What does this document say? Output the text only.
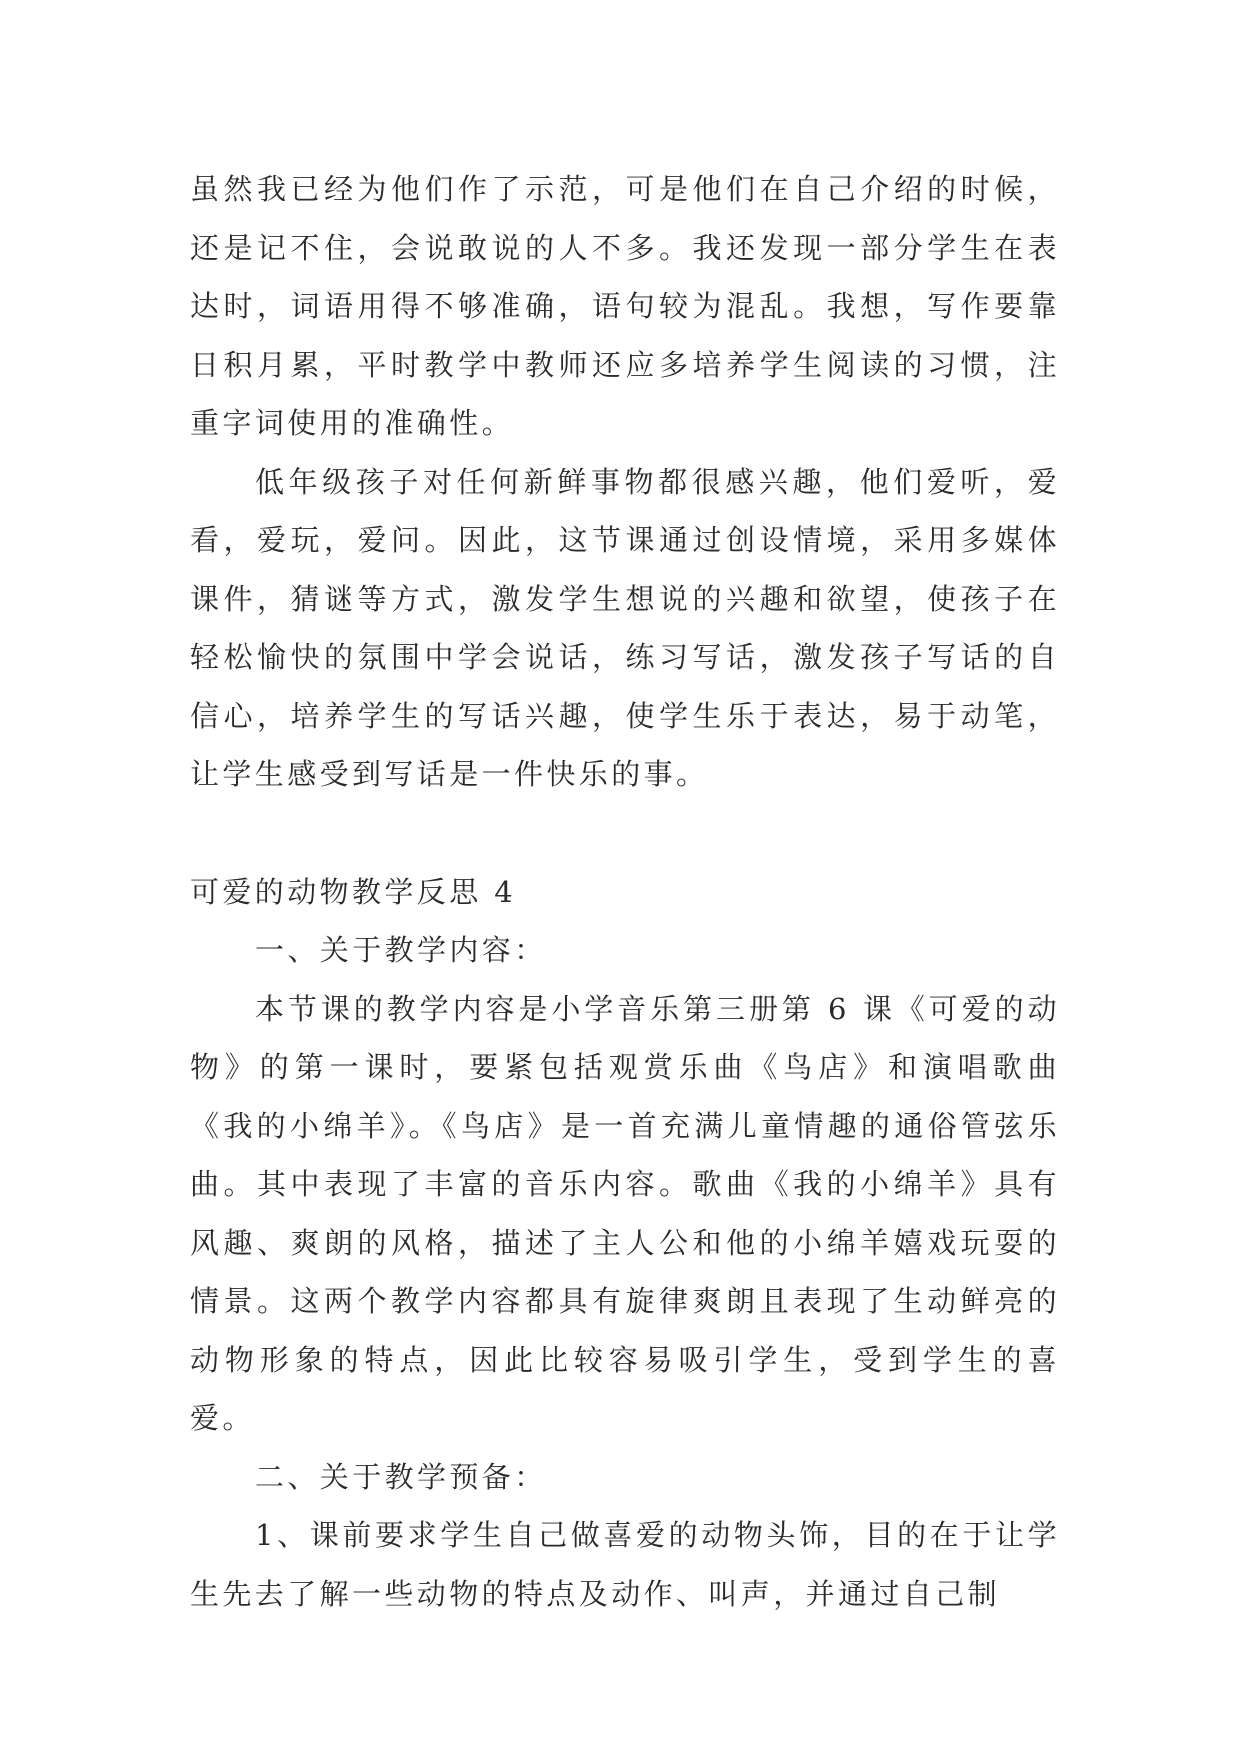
虽然我已经为他们作了示范，可是他们在自己介绍的时候，还是记不住，会说敢说的人不多。我还发现一部分学生在表达时，词语用得不够准确，语句较为混乱。我想，写作要靠日积月累，平时教学中教师还应多培养学生阅读的习惯，注重字词使用的准确性。

低年级孩子对任何新鲜事物都很感兴趣，他们爱听，爱看，爱玩，爱问。因此，这节课通过创设情境，采用多媒体课件，猜谜等方式，激发学生想说的兴趣和欲望，使孩子在轻松愉快的氛围中学会说话，练习写话，激发孩子写话的自信心，培养学生的写话兴趣，使学生乐于表达，易于动笔，让学生感受到写话是一件快乐的事。

可爱的动物教学反思 4

一、关于教学内容：

本节课的教学内容是小学音乐第三册第 6 课《可爱的动物》的第一课时，要紧包括观赏乐曲《鸟店》和演唱歌曲《我的小绵羊》。《鸟店》是一首充满儿童情趣的通俗管弦乐曲。其中表现了丰富的音乐内容。歌曲《我的小绵羊》具有风趣、爽朗的风格，描述了主人公和他的小绵羊嬉戏玩耍的情景。这两个教学内容都具有旋律爽朗且表现了生动鲜亮的动物形象的特点，因此比较容易吸引学生，受到学生的喜爱。

二、关于教学预备：

1、课前要求学生自己做喜爱的动物头饰，目的在于让学生先去了解一些动物的特点及动作、叫声，并通过自己制
